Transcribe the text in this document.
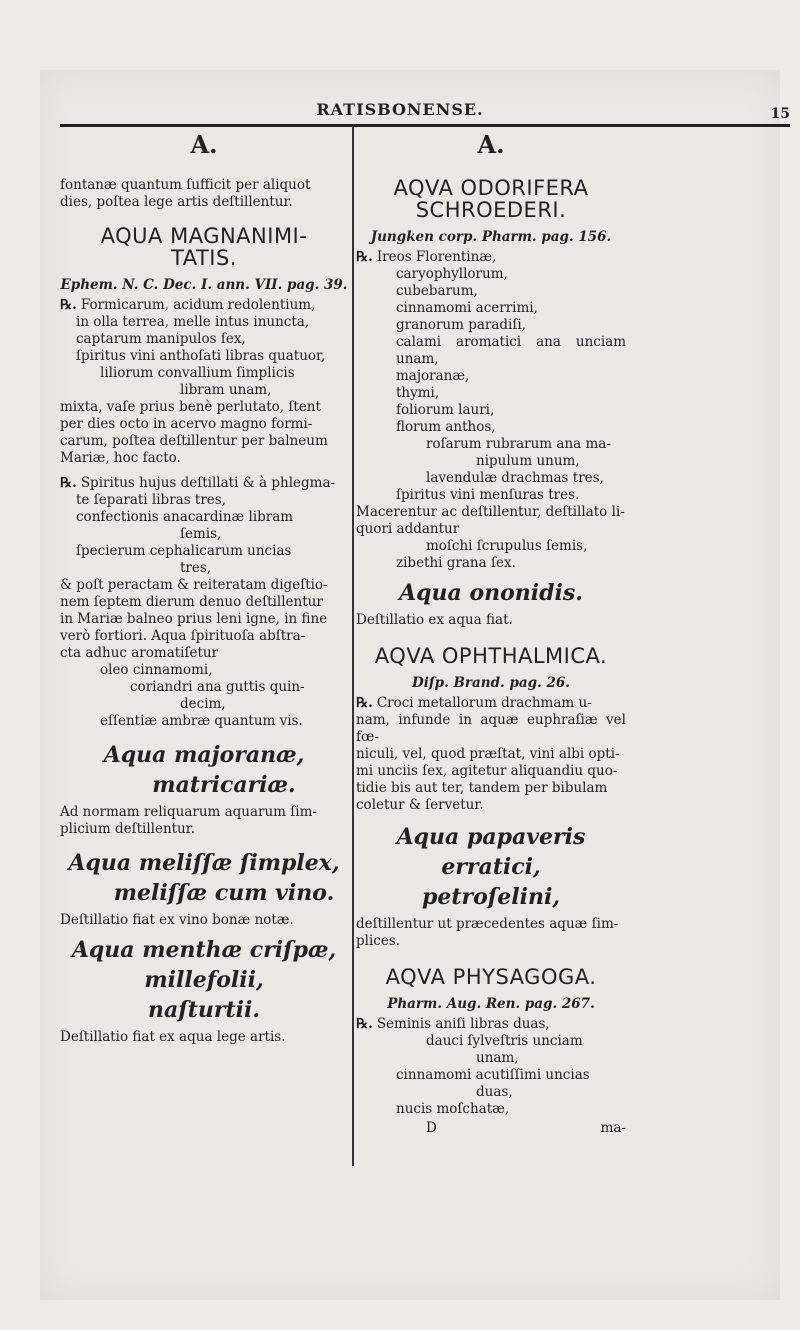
RATISBONENSE.	15
A.

fontanæ quantum ſufficit per aliquot

dies, poſtea lege artis deſtillentur.

AQUA MAGNANIMI-
TATIS.
Ephem. N. C. Dec. I. ann. VII. pag. 39.

℞. Formicarum, acidum redolentium,

in olla terrea, melle intus inuncta,

captarum manipulos ſex,

ſpiritus vini anthoſati libras quatuor,

liliorum convallium ſimplicis

libram unam,

mixta, vaſe prius benè perlutato, ſtent

per dies octo in acervo magno formi-

carum, poſtea deſtillentur per balneum

Mariæ, hoc facto.

℞. Spiritus hujus deſtillati & à phlegma-

te ſeparati libras tres,

confectionis anacardinæ libram

ſemis,

ſpecierum cephalicarum uncias

tres,

& poſt peractam & reiteratam digeſtio-

nem ſeptem dierum denuo deſtillentur

in Mariæ balneo prius leni igne, in fine

verò fortiori. Aqua ſpirituoſa abſtra-

cta adhuc aromatiſetur

oleo cinnamomi,

coriandri ana guttis quin-

decim,

eſſentiæ ambræ quantum vis.

Aqua majoranæ,
matricariæ.

Ad normam reliquarum aquarum ſim-

plicium deſtillentur.

Aqua meliſſæ ſimplex,
meliſſæ cum vino.

Deſtillatio fiat ex vino bonæ notæ.

Aqua menthæ criſpæ,
millefolii,
naſturtii.

Deſtillatio fiat ex aqua lege artis.

A.
AQVA ODORIFERA
SCHROEDERI.
Jungken corp. Pharm. pag. 156.

℞. Ireos Florentinæ,

caryophyllorum,

cubebarum,

cinnamomi acerrimi,

granorum paradiſi,

calami aromatici ana unciam unam,

majoranæ,

thymi,

foliorum lauri,

florum anthos,

roſarum rubrarum ana ma-

nipulum unum,

lavendulæ drachmas tres,

ſpiritus vini menſuras tres.

Macerentur ac deſtillentur, deſtillato li-

quori addantur

moſchi ſcrupulus ſemis,

zibethi grana ſex.

Aqua ononidis.

Deſtillatio ex aqua fiat.

AQVA OPHTHALMICA.
Diſp. Brand. pag. 26.

℞. Croci metallorum drachmam u-

nam, infunde in aquæ euphraſiæ vel fœ-

niculi, vel, quod præſtat, vini albi opti-

mi unciis ſex, agitetur aliquandiu quo-

tidie bis aut ter, tandem per bibulam

coletur & ſervetur.

Aqua papaveris erratici,
petroſelini,

deſtillentur ut præcedentes aquæ ſim-

plices.

AQVA PHYSAGOGA.
Pharm. Aug. Ren. pag. 267.

℞. Seminis aniſi libras duas,

dauci ſylveſtris unciam

unam,

cinnamomi acutiſſimi uncias

duas,

nucis moſchatæ,

D	ma-
